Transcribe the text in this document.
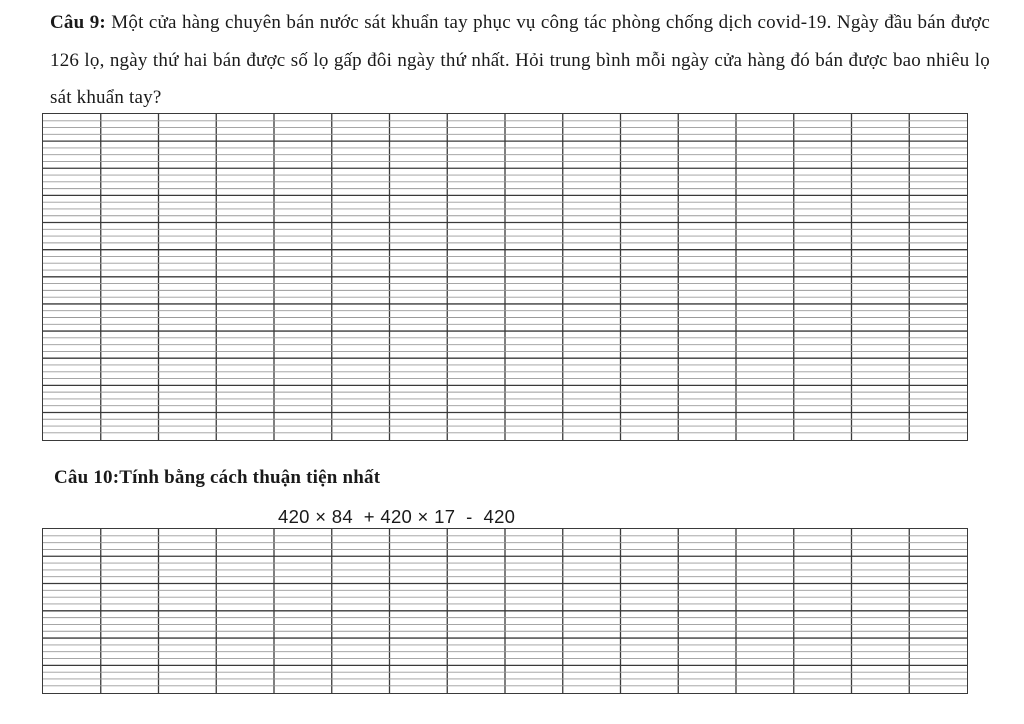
Câu 9: Một cửa hàng chuyên bán nước sát khuẩn tay phục vụ công tác phòng chống dịch covid-19. Ngày đầu bán được 126 lọ, ngày thứ hai bán được số lọ gấp đôi ngày thứ nhất. Hỏi trung bình mỗi ngày cửa hàng đó bán được bao nhiêu lọ sát khuẩn tay?
Câu 10:Tính bằng cách thuận tiện nhất
420 × 84  + 420 × 17  -  420
